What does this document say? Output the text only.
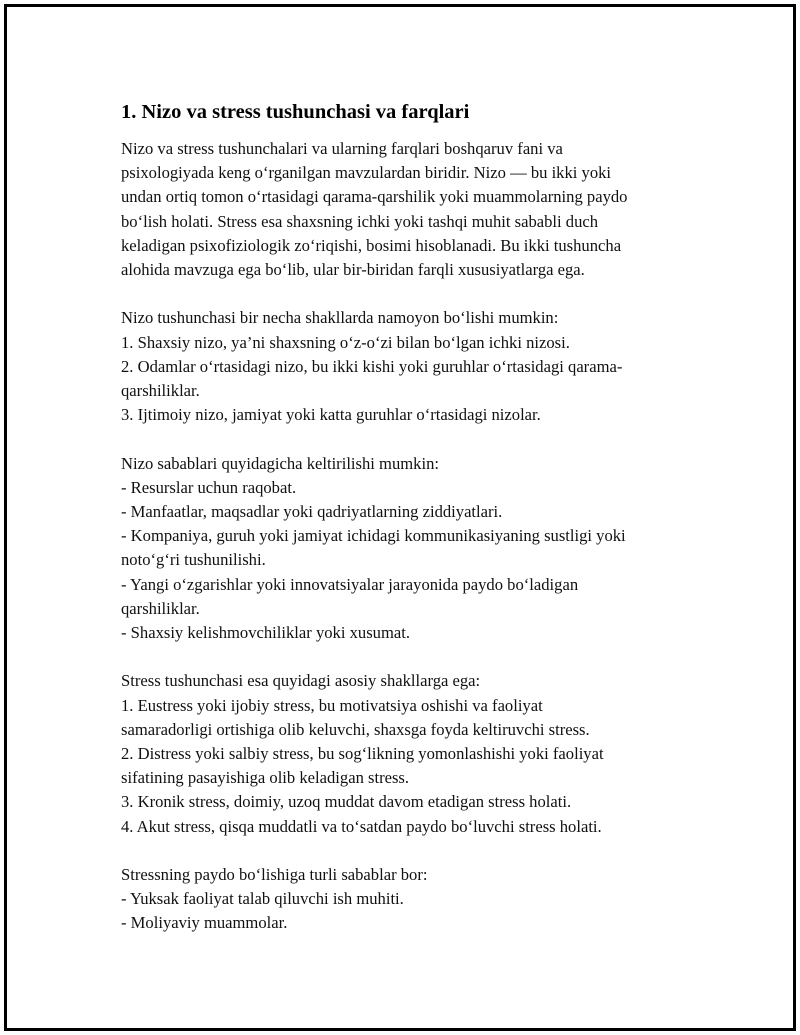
1. Nizo va stress tushunchasi va farqlari
Nizo va stress tushunchalari va ularning farqlari boshqaruv fani va
psixologiyada keng o‘rganilgan mavzulardan biridir. Nizo — bu ikki yoki
undan ortiq tomon o‘rtasidagi qarama-qarshilik yoki muammolarning paydo
bo‘lish holati. Stress esa shaxsning ichki yoki tashqi muhit sababli duch
keladigan psixofiziologik zo‘riqishi, bosimi hisoblanadi. Bu ikki tushuncha
alohida mavzuga ega bo‘lib, ular bir-biridan farqli xususiyatlarga ega.
Nizo tushunchasi bir necha shakllarda namoyon bo‘lishi mumkin:
1. Shaxsiy nizo, ya’ni shaxsning o‘z-o‘zi bilan bo‘lgan ichki nizosi.
2. Odamlar o‘rtasidagi nizo, bu ikki kishi yoki guruhlar o‘rtasidagi qarama-
qarshiliklar.
3. Ijtimoiy nizo, jamiyat yoki katta guruhlar o‘rtasidagi nizolar.
Nizo sabablari quyidagicha keltirilishi mumkin:
- Resurslar uchun raqobat.
- Manfaatlar, maqsadlar yoki qadriyatlarning ziddiyatlari.
- Kompaniya, guruh yoki jamiyat ichidagi kommunikasiyaning sustligi yoki
noto‘g‘ri tushunilishi.
- Yangi o‘zgarishlar yoki innovatsiyalar jarayonida paydo bo‘ladigan
qarshiliklar.
- Shaxsiy kelishmovchiliklar yoki xusumat.
Stress tushunchasi esa quyidagi asosiy shakllarga ega:
1. Eustress yoki ijobiy stress, bu motivatsiya oshishi va faoliyat
samaradorligi ortishiga olib keluvchi, shaxsga foyda keltiruvchi stress.
2. Distress yoki salbiy stress, bu sog‘likning yomonlashishi yoki faoliyat
sifatining pasayishiga olib keladigan stress.
3. Kronik stress, doimiy, uzoq muddat davom etadigan stress holati.
4. Akut stress, qisqa muddatli va to‘satdan paydo bo‘luvchi stress holati.
Stressning paydo bo‘lishiga turli sabablar bor:
- Yuksak faoliyat talab qiluvchi ish muhiti.
- Moliyaviy muammolar.
